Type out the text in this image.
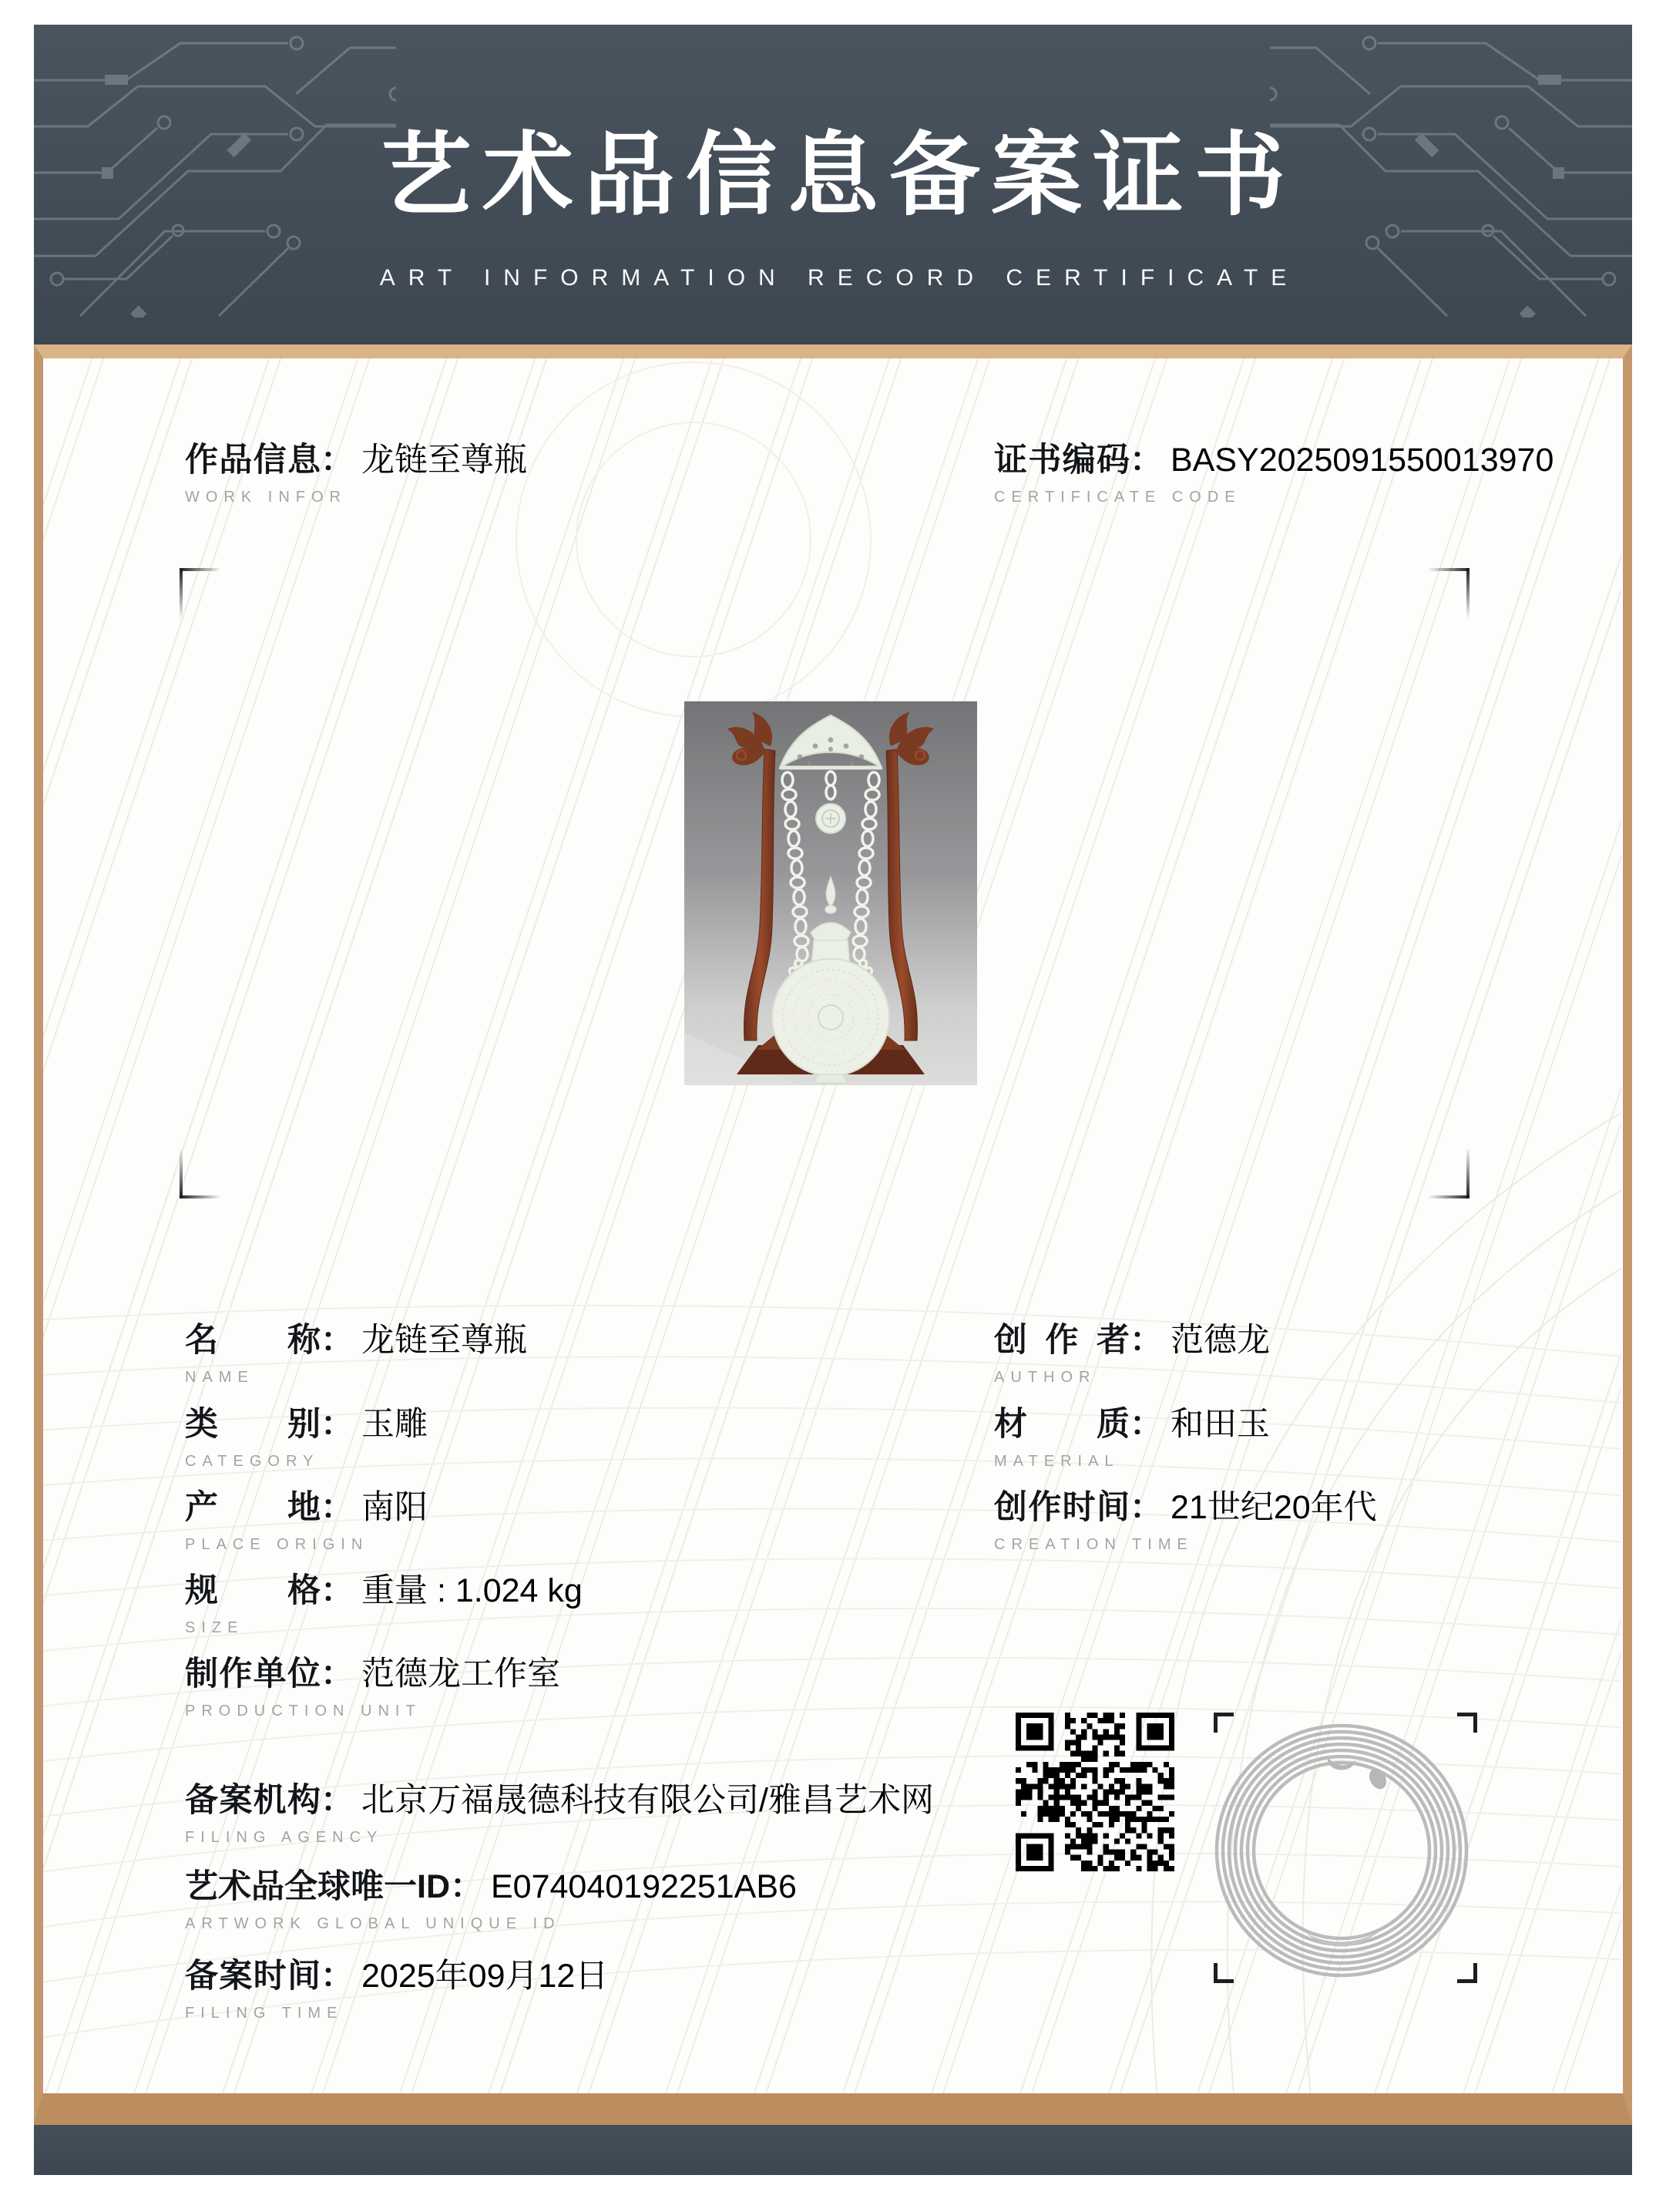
艺术品信息备案证书
ART INFORMATION RECORD CERTIFICATE
作品信息： 龙链至尊瓶
WORK INFOR
证书编码： BASY2025091550013970
CERTIFICATE CODE
名称： 龙链至尊瓶
NAME
类别： 玉雕
CATEGORY
产地： 南阳
PLACE ORIGIN
规格： 重量 : 1.024 kg
SIZE
制作单位： 范德龙工作室
PRODUCTION UNIT
创作者： 范德龙
AUTHOR
材质： 和田玉
MATERIAL
创作时间： 21世纪20年代
CREATION TIME
备案机构： 北京万福晟德科技有限公司/雅昌艺术网
FILING AGENCY
艺术品全球唯一ID： E074040192251AB6
ARTWORK GLOBAL UNIQUE ID
备案时间： 2025年09月12日
FILING TIME
